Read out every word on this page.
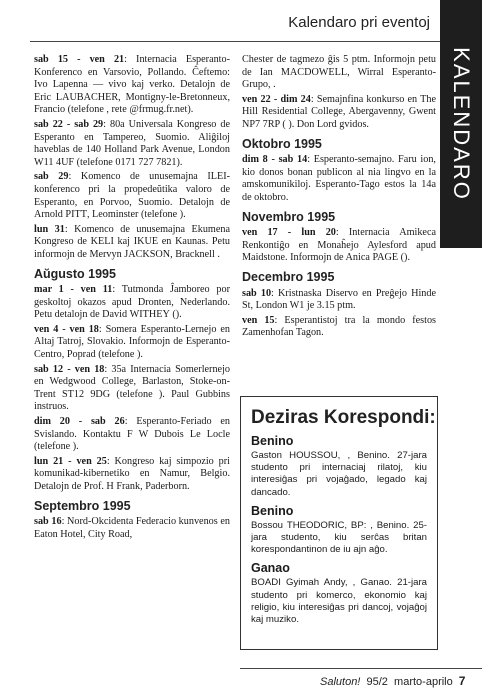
Kalendaro pri eventoj
KALENDARO

sab 15 - ven 21: Internacia Esperanto-Konferenco en Varsovio, Pollando. Ĉeftemo: Ivo Lapenna — vivo kaj verko. Detalojn de Eric LAUBACHER, Montigny-le-Bretonneux, Francio (telefone , rete @frmug.fr.net).

sab 22 - sab 29: 80a Universala Kongreso de Esperanto en Tampereo, Suomio. Aliĝiloj haveblas de 140 Holland Park Avenue, London W11 4UF (telefone 0171 727 7821).

sab 29: Komenco de unusemajna ILEI-konferenco pri la propedeŭtika valoro de Esperanto, en Porvoo, Suomio. Detalojn de Arnold PITT, Leominster (telefone ).

lun 31: Komenco de unusemajna Ekumena Kongreso de KELI kaj IKUE en Kaunas. Petu informojn de Mervyn JACKSON, Bracknell .

Aŭgusto 1995

mar 1 - ven 11: Tutmonda Ĵamboreo por geskoltoj okazos apud Dronten, Nederlando. Petu detalojn de David WITHEY ().

ven 4 - ven 18: Somera Esperanto-Lernejo en Altaj Tatroj, Slovakio. Informojn de Esperanto-Centro, Poprad (telefone ).

sab 12 - ven 18: 35a Internacia Somerlernejo en Wedgwood College, Barlaston, Stoke-on-Trent ST12 9DG (telefone ). Paul Gubbins instruos.

dim 20 - sab 26: Esperanto-Feriado en Svislando. Kontaktu F W Dubois Le Locle (telefone ).

lun 21 - ven 25: Kongreso kaj simpozio pri komunikad-kibernetiko en Namur, Belgio. Detalojn de Prof. H Frank, Paderborn.

Septembro 1995

sab 16: Nord-Okcidenta Federacio kunvenos en Eaton Hotel, City Road,

Chester de tagmezo ĝis 5 ptm. Informojn petu de Ian MACDOWELL, Wirral Esperanto-Grupo, .

ven 22 - dim 24: Semajnfina konkurso en The Hill Residential College, Abergavenny, Gwent NP7 7RP ( ). Don Lord gvidos.

Oktobro 1995

dim 8 - sab 14: Esperanto-semajno. Faru ion, kio donos bonan publicon al nia lingvo en la amskomunikiloj. Esperanto-Tago estos la 14a de oktobro.

Novembro 1995

ven 17 - lun 20: Internacia Amikeca Renkontiĝo en Monaĥejo Aylesford apud Maidstone. Informojn de Anica PAGE ().

Decembro 1995

sab 10: Kristnaska Diservo en Preĝejo Hinde St, London W1 je 3.15 ptm.

ven 15: Esperantistoj tra la mondo festos Zamenhofan Tagon.

Deziras Korespondi:
Benino
Gaston HOUSSOU, , Benino. 27-jara studento pri internaciaj rilatoj, kiu interesiĝas pri vojaĝado, legado kaj dancado.
Benino
Bossou THEODORIC, BP: , Benino. 25-jara studento, kiu serĉas britan korespondantinon de iu ajn aĝo.
Ganao
BOADI Gyimah Andy, , Ganao. 21-jara studento pri komerco, ekonomio kaj religio, kiu interesiĝas pri dancoj, vojaĝoj kaj muziko.
Saluton! 95/2 marto-aprilo 7
